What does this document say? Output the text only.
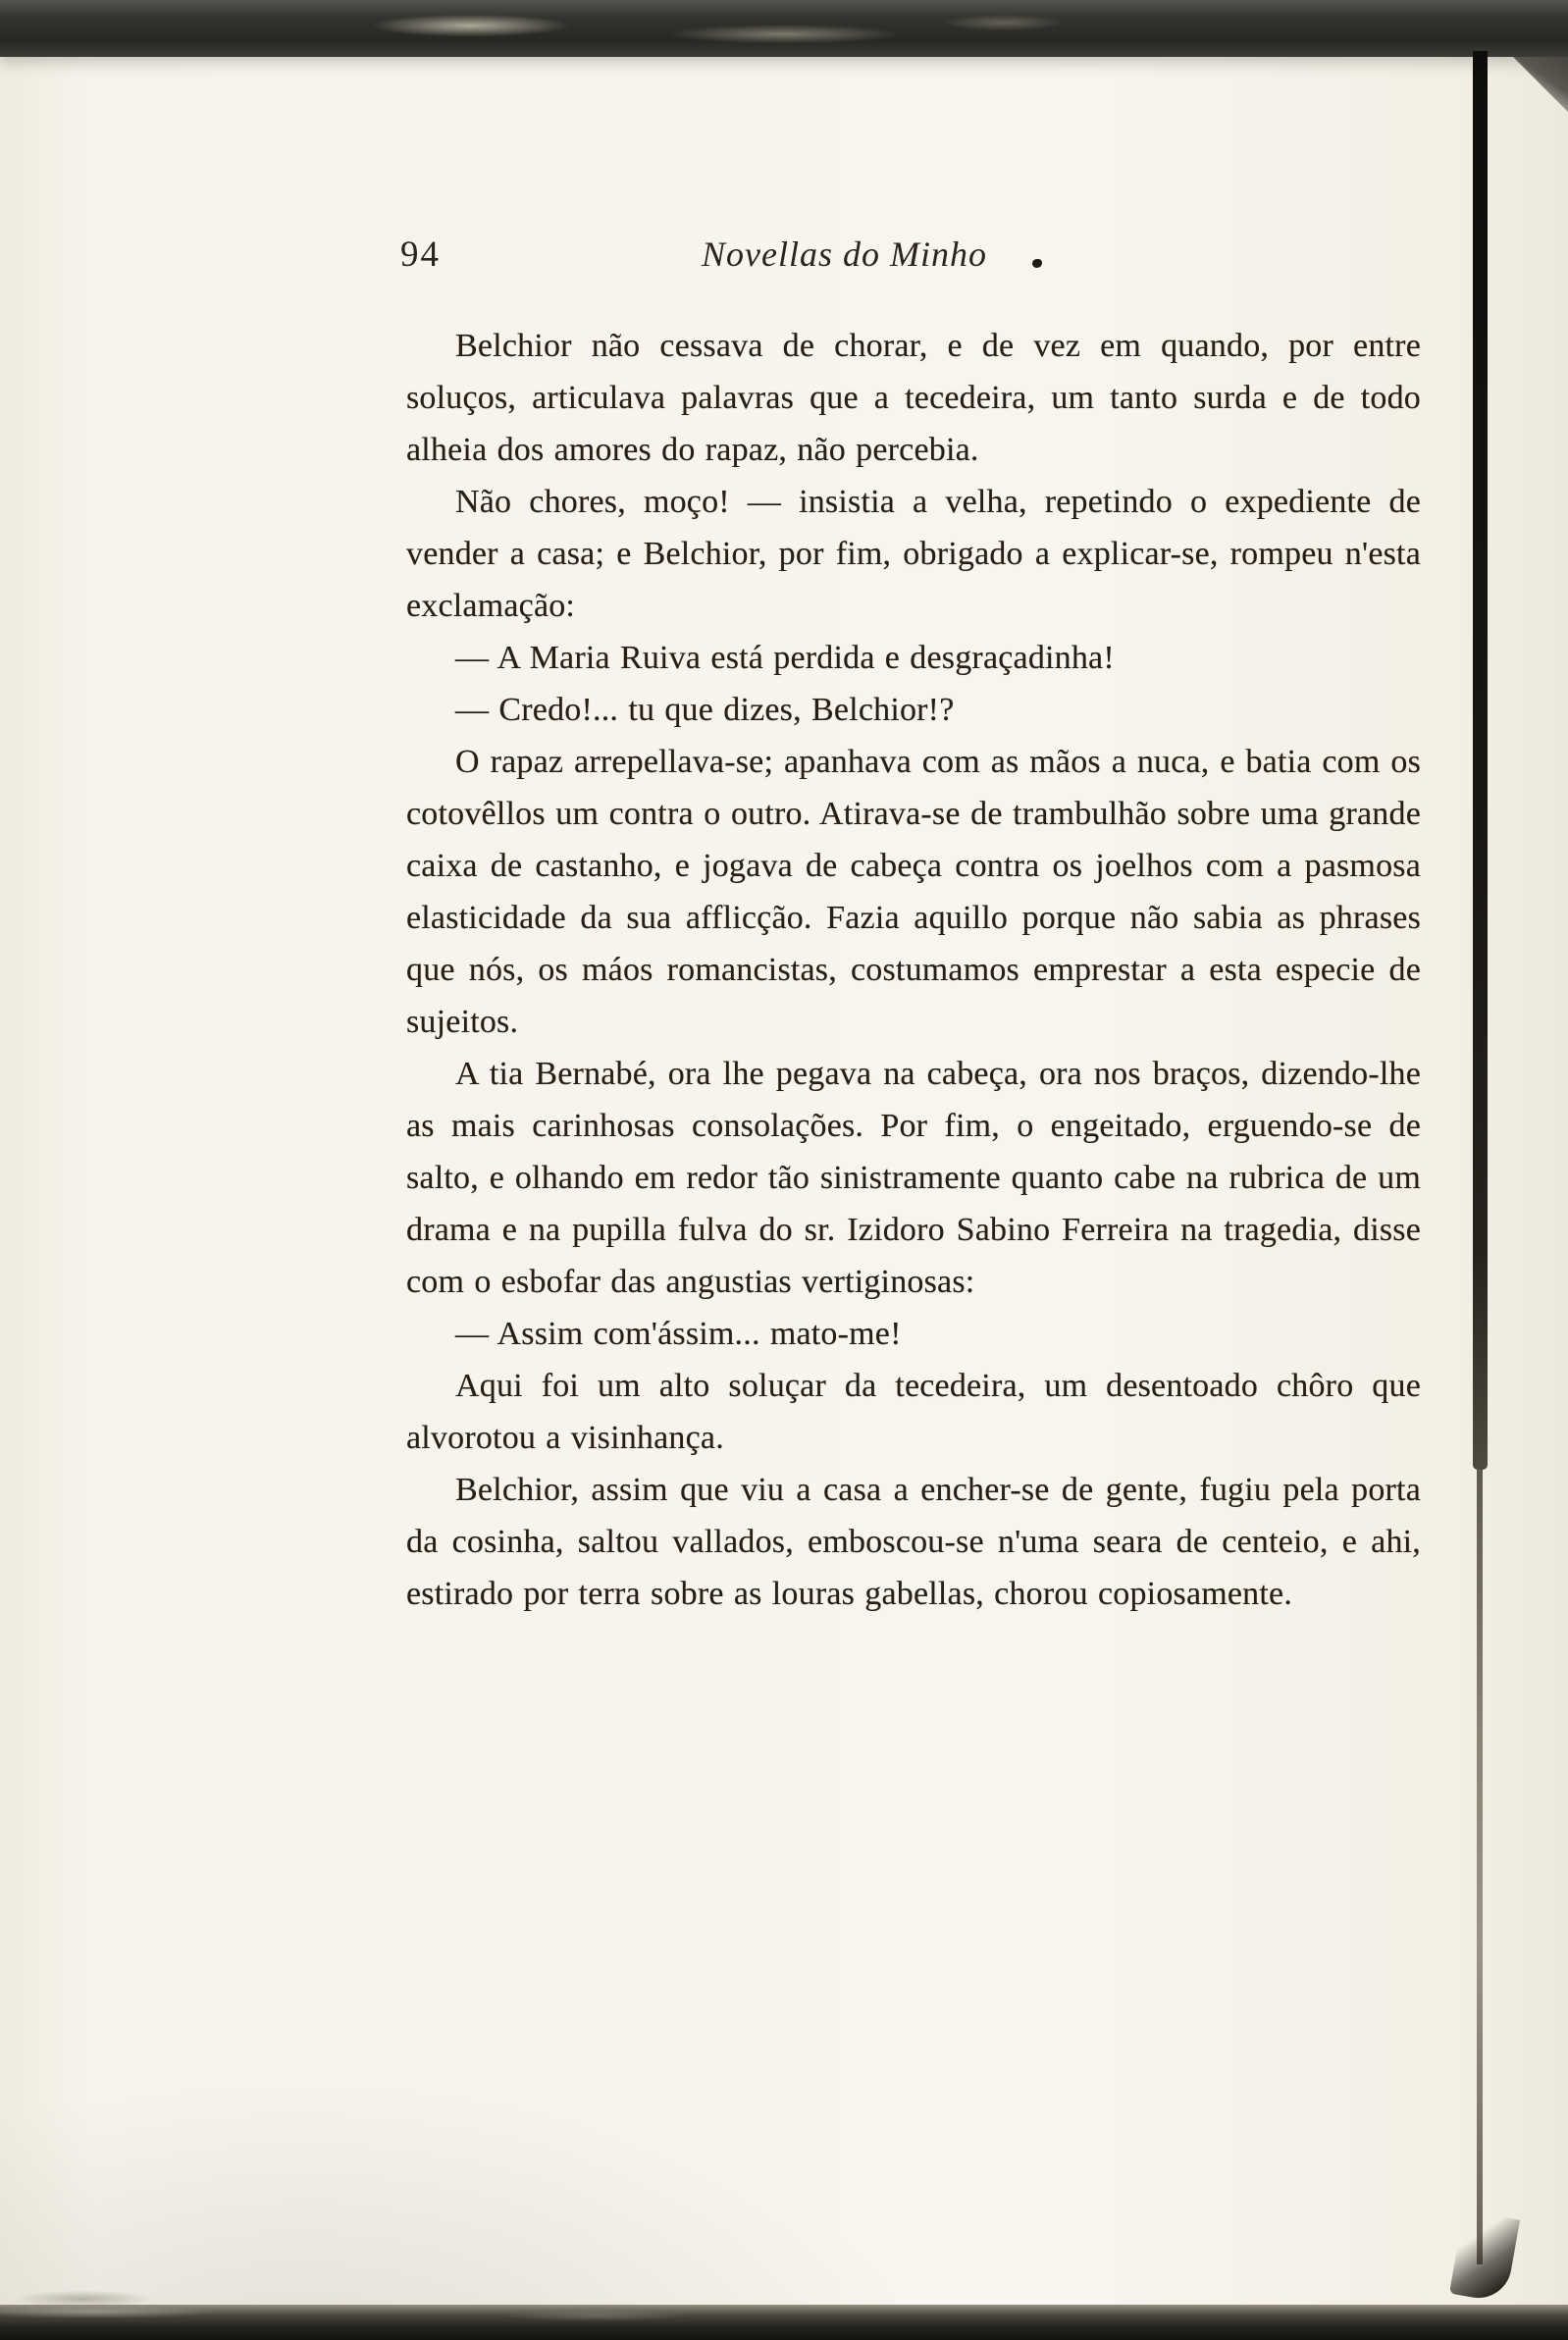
94	Novellas do Minho

Belchior não cessava de chorar, e de vez em quando, por entre soluços, articulava palavras que a tecedeira, um tanto surda e de todo alheia dos amores do rapaz, não percebia.

Não chores, moço! — insistia a velha, repetindo o expediente de vender a casa; e Belchior, por fim, obrigado a explicar-se, rompeu n'esta exclamação:

— A Maria Ruiva está perdida e desgraçadinha!

— Credo!... tu que dizes, Belchior!?

O rapaz arrepellava-se; apanhava com as mãos a nuca, e batia com os cotovêllos um contra o outro. Atirava-se de trambulhão sobre uma grande caixa de castanho, e jogava de cabeça contra os joelhos com a pasmosa elasticidade da sua afflicção. Fazia aquillo porque não sabia as phrases que nós, os máos romancistas, costumamos emprestar a esta especie de sujeitos.

A tia Bernabé, ora lhe pegava na cabeça, ora nos braços, dizendo-lhe as mais carinhosas consolações. Por fim, o engeitado, erguendo-se de salto, e olhando em redor tão sinistramente quanto cabe na rubrica de um drama e na pupilla fulva do sr. Izidoro Sabino Ferreira na tragedia, disse com o esbofar das angustias vertiginosas:

— Assim com'ássim... mato-me!

Aqui foi um alto soluçar da tecedeira, um desentoado chôro que alvorotou a visinhança.

Belchior, assim que viu a casa a encher-se de gente, fugiu pela porta da cosinha, saltou vallados, emboscou-se n'uma seara de centeio, e ahi, estirado por terra sobre as louras gabellas, chorou copiosamente.
